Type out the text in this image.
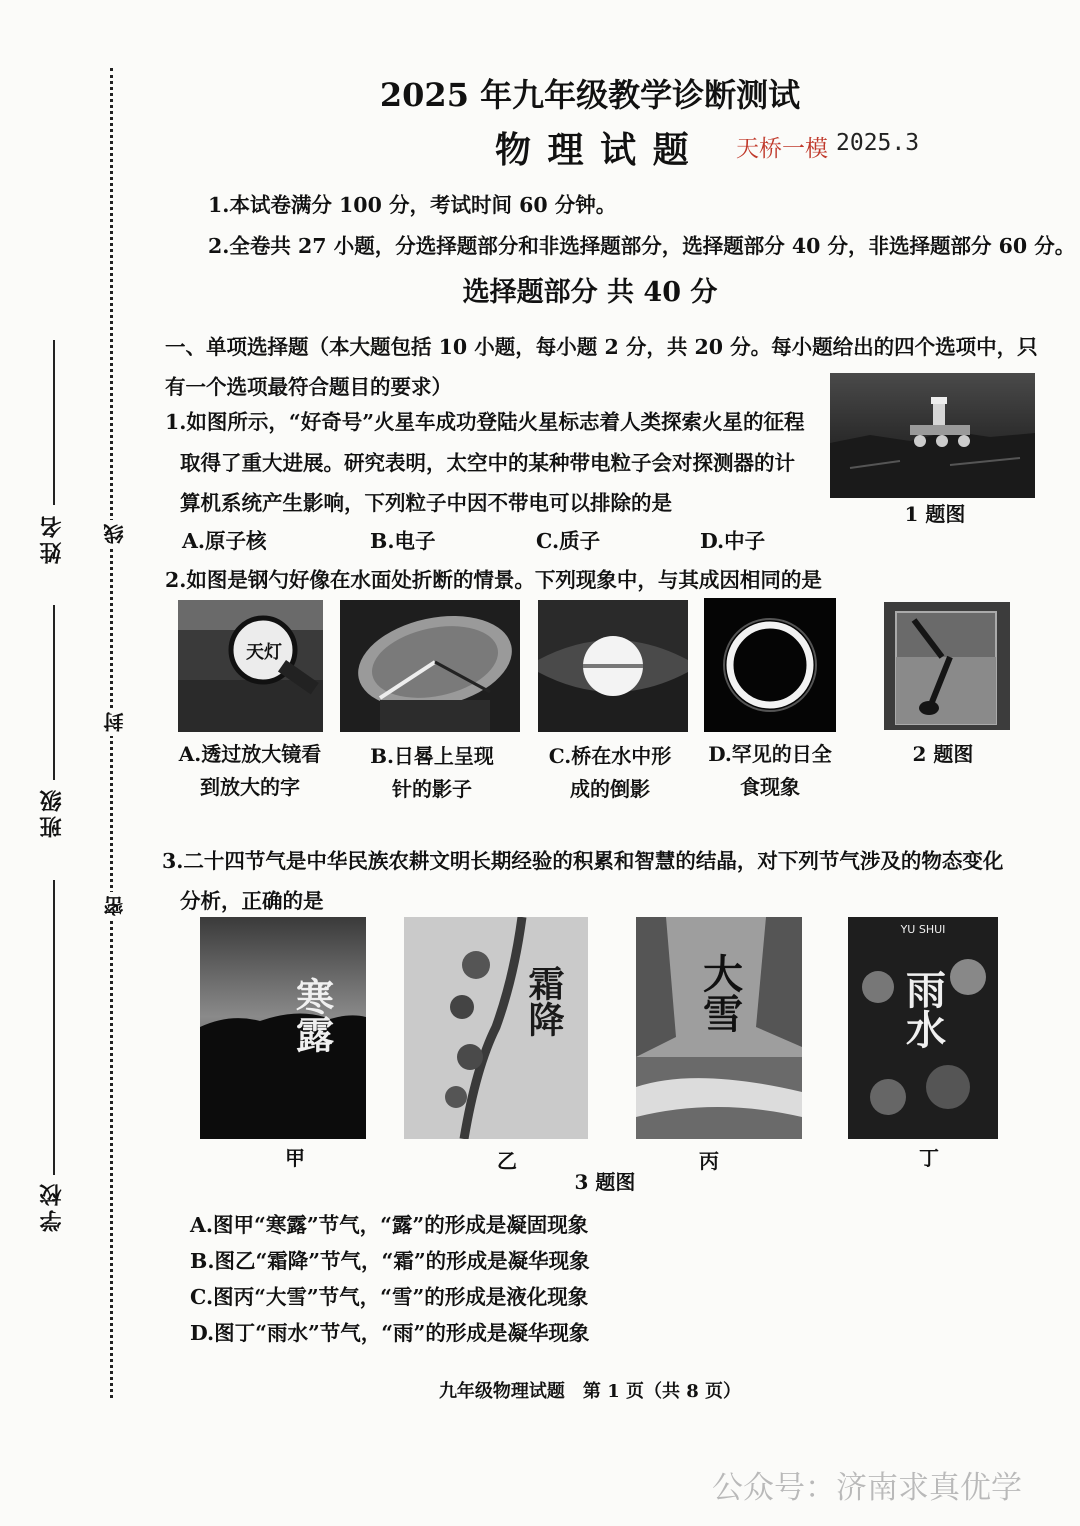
姓名
班级
学校
线
封
密
2025 年九年级教学诊断测试
物 理 试 题 天桥一模 2025.3
1.本试卷满分 100 分，考试时间 60 分钟。
2.全卷共 27 小题，分选择题部分和非选择题部分，选择题部分 40 分，非选择题部分 60 分。
选择题部分 共 40 分
一、单项选择题（本大题包括 10 小题，每小题 2 分，共 20 分。每小题给出的四个选项中，只
有一个选项最符合题目的要求）
1.如图所示，“好奇号”火星车成功登陆火星标志着人类探索火星的征程
取得了重大进展。研究表明，太空中的某种带电粒子会对探测器的计
算机系统产生影响，下列粒子中因不带电可以排除的是
A.原子核	B.电子	C.质子	D.中子
1 题图
2.如图是钢勺好像在水面处折断的情景。下列现象中，与其成因相同的是
天灯
A.透过放大镜看
到放大的字
B.日晷上呈现
针的影子
C.桥在水中形
成的倒影
D.罕见的日全
食现象
2 题图
3.二十四节气是中华民族农耕文明长期经验的积累和智慧的结晶，对下列节气涉及的物态变化
分析，正确的是
寒露	霜降	大雪
YU SHUI
雨水
甲	乙	丙	丁
3 题图
A.图甲“寒露”节气，“露”的形成是凝固现象
B.图乙“霜降”节气，“霜”的形成是凝华现象
C.图丙“大雪”节气，“雪”的形成是液化现象
D.图丁“雨水”节气，“雨”的形成是凝华现象
九年级物理试题　第 1 页（共 8 页）
公众号：济南求真优学
